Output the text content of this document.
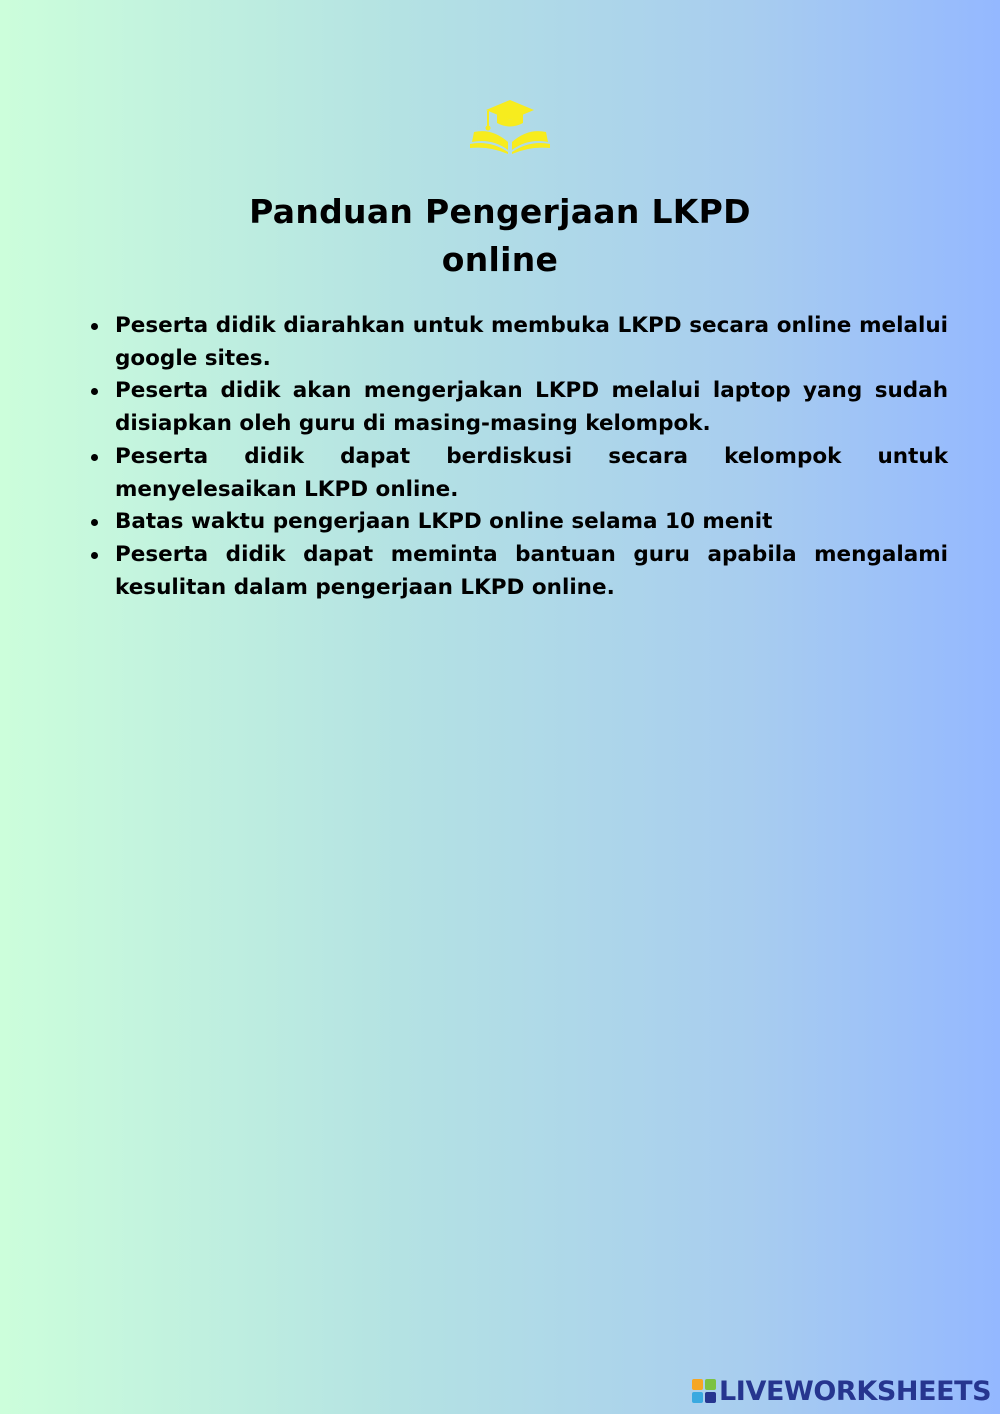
Panduan Pengerjaan LKPD
online
Peserta didik diarahkan untuk membuka LKPD secara online melalui google sites.
Peserta didik akan mengerjakan LKPD melalui laptop yang sudah disiapkan oleh guru di masing-masing kelompok.
Peserta didik dapat berdiskusi secara kelompok untuk menyelesaikan LKPD online.
Batas waktu pengerjaan LKPD online selama 10 menit
Peserta didik dapat meminta bantuan guru apabila mengalami kesulitan dalam pengerjaan LKPD online.
LIVEWORKSHEETS
